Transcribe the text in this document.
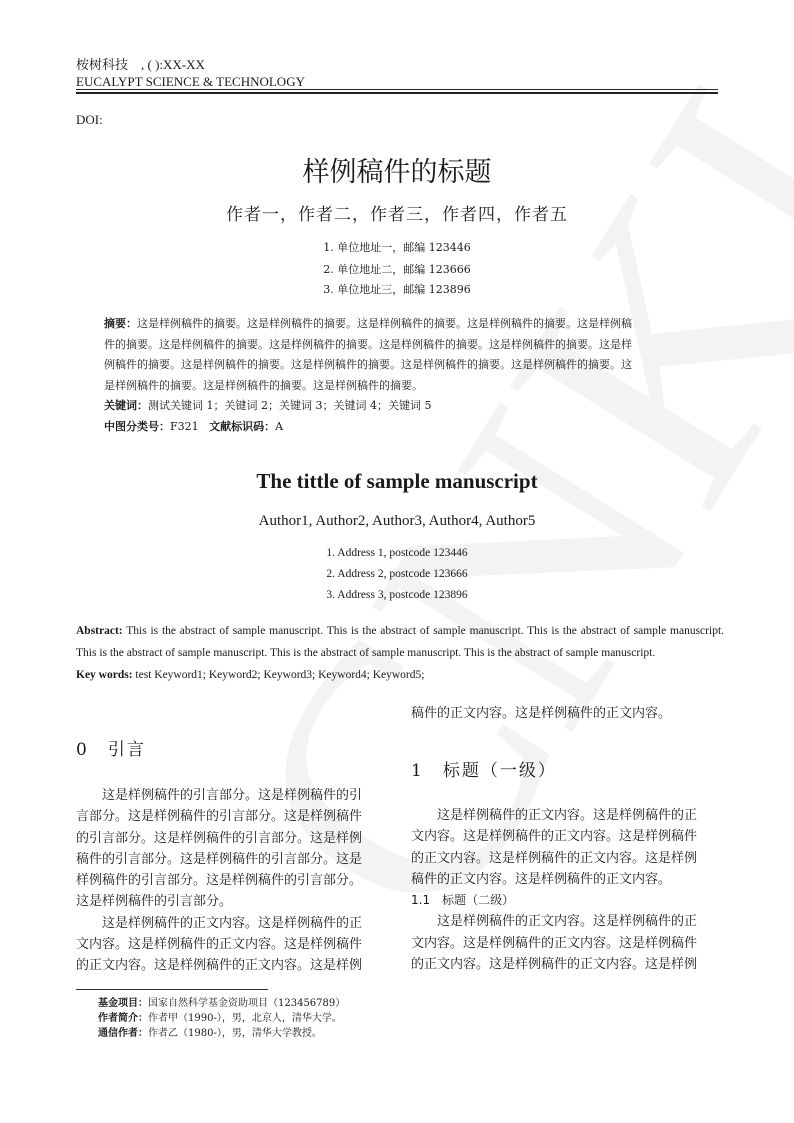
桉树科技　, ( ):XX-XX
EUCALYPT SCIENCE & TECHNOLOGY
DOI:
样例稿件的标题
作者一，作者二，作者三，作者四，作者五
1. 单位地址一，邮编 123446
2. 单位地址二，邮编 123666
3. 单位地址三，邮编 123896
摘要：这是样例稿件的摘要。这是样例稿件的摘要。这是样例稿件的摘要。这是样例稿件的摘要。这是样例稿
件的摘要。这是样例稿件的摘要。这是样例稿件的摘要。这是样例稿件的摘要。这是样例稿件的摘要。这是样
例稿件的摘要。这是样例稿件的摘要。这是样例稿件的摘要。这是样例稿件的摘要。这是样例稿件的摘要。这
是样例稿件的摘要。这是样例稿件的摘要。这是样例稿件的摘要。
关键词：测试关键词 1；关键词 2；关键词 3；关键词 4；关键词 5
中图分类号：F321 文献标识码：A
The tittle of sample manuscript
Author1, Author2, Author3, Author4, Author5
1. Address 1, postcode 123446
2. Address 2, postcode 123666
3. Address 3, postcode 123896
Abstract: This is the abstract of sample manuscript. This is the abstract of sample manuscript. This is the abstract of sample manuscript. This is the abstract of sample manuscript. This is the abstract of sample manuscript. This is the abstract of sample manuscript.
Key words: test Keyword1; Keyword2; Keyword3; Keyword4; Keyword5;
0　引言
这是样例稿件的引言部分。这是样例稿件的引
言部分。这是样例稿件的引言部分。这是样例稿件
的引言部分。这是样例稿件的引言部分。这是样例
稿件的引言部分。这是样例稿件的引言部分。这是
样例稿件的引言部分。这是样例稿件的引言部分。
这是样例稿件的引言部分。
这是样例稿件的正文内容。这是样例稿件的正
文内容。这是样例稿件的正文内容。这是样例稿件
的正文内容。这是样例稿件的正文内容。这是样例
稿件的正文内容。这是样例稿件的正文内容。
1　标题（一级）
这是样例稿件的正文内容。这是样例稿件的正
文内容。这是样例稿件的正文内容。这是样例稿件
的正文内容。这是样例稿件的正文内容。这是样例
稿件的正文内容。这是样例稿件的正文内容。
1.1　标题（二级）
这是样例稿件的正文内容。这是样例稿件的正
文内容。这是样例稿件的正文内容。这是样例稿件
的正文内容。这是样例稿件的正文内容。这是样例
基金项目：国家自然科学基金资助项目（123456789）
作者简介：作者甲（1990-），男，北京人，清华大学。
通信作者：作者乙（1980-），男，清华大学教授。
